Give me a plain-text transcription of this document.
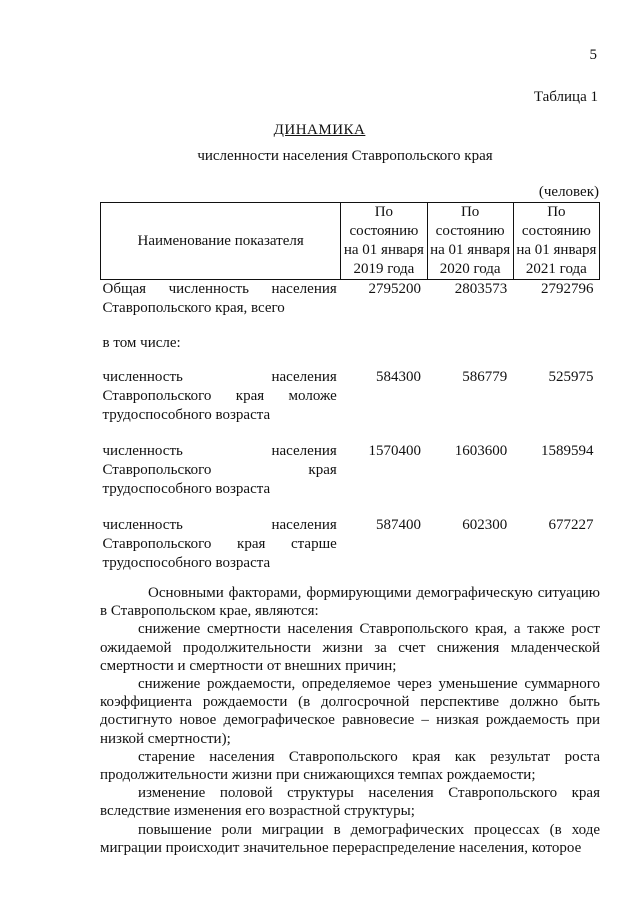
5
Таблица 1
ДИНАМИКА
численности населения Ставропольского края
(человек)
Наименование показателя	По состоянию на 01 января 2019 года	По состоянию на 01 января 2020 года	По состоянию на 01 января 2021 года
Общая численность населения Ставропольского края, всего	2795200	2803573	2792796
в том числе:			
численность населения Ставропольского края моложе трудоспособного возраста	584300	586779	525975
численность населения Ставропольского края трудоспособного возраста	1570400	1603600	1589594
численность населения Ставропольского края старше трудоспособного возраста	587400	602300	677227

Основными факторами, формирующими демографическую ситуацию в Ставропольском крае, являются:

снижение смертности населения Ставропольского края, а также рост ожидаемой продолжительности жизни за счет снижения младенческой смертности и смертности от внешних причин;

снижение рождаемости, определяемое через уменьшение суммарного коэффициента рождаемости (в долгосрочной перспективе должно быть достигнуто новое демографическое равновесие – низкая рождаемость при низкой смертности);

старение населения Ставропольского края как результат роста продолжительности жизни при снижающихся темпах рождаемости;

изменение половой структуры населения Ставропольского края вследствие изменения его возрастной структуры;

повышение роли миграции в демографических процессах (в ходе миграции происходит значительное перераспределение населения, которое
